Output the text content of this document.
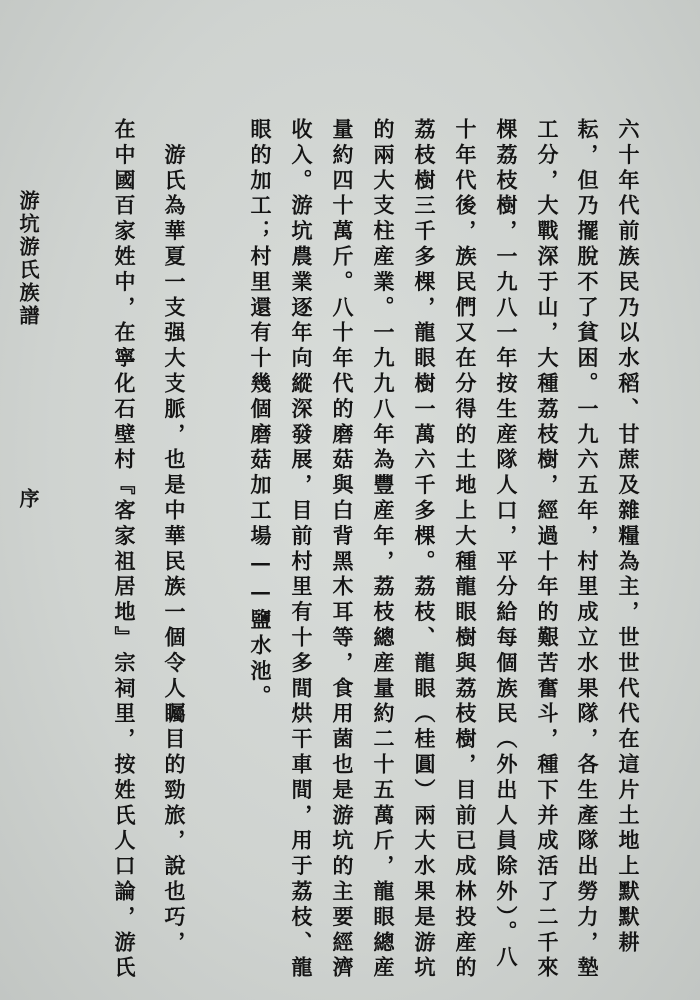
游坑游氏族譜
序	六十年代前族民乃以水稻、甘蔗及雜糧為主，世世代代在這片土地上默默耕
耘，但乃擺脫不了貧困。一九六五年，村里成立水果隊，各生產隊出勞力，墊
工分，大戰深于山，大種荔枝樹，經過十年的艱苦奮斗，種下并成活了二千來
棵荔枝樹，一九八一年按生産隊人口，平分給每個族民（外出人員除外）。八
十年代後，族民們又在分得的土地上大種龍眼樹與荔枝樹，目前已成林投産的
荔枝樹三千多棵，龍眼樹一萬六千多棵。荔枝、龍眼（桂圓）兩大水果是游坑
的兩大支柱産業。一九九八年為豐産年，荔枝總産量約二十五萬斤，龍眼總産
量約四十萬斤。八十年代的磨菇與白背黑木耳等，食用菌也是游坑的主要經濟
收入。游坑農業逐年向縱深發展，目前村里有十多間烘干車間，用于荔枝、龍
眼的加工；村里還有十幾個磨菇加工場——鹽水池。
　游氏為華夏一支强大支脈，也是中華民族一個令人矚目的勁旅，說也巧，
在中國百家姓中，在寧化石壁村『客家祖居地』宗祠里，按姓氏人口論，游氏
